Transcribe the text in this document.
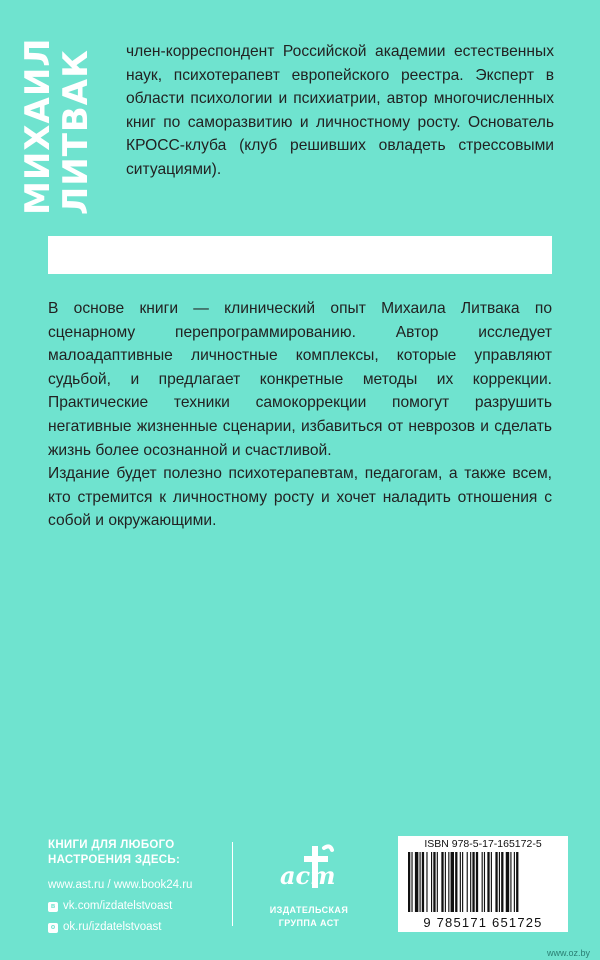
МИХАИЛ
ЛИТВАК член-корреспондент Российской академии естественных наук, психотерапевт европейского реестра. Эксперт в области психологии и психиатрии, автор многочисленных книг по саморазвитию и личностному росту. Основатель КРОСС-клуба (клуб решивших овладеть стрессовыми ситуациями).

В основе книги — клинический опыт Михаила Литвака по сценарному перепрограммированию. Автор исследует малоадаптивные личностные комплексы, которые управляют судьбой, и предлагает конкретные методы их коррекции. Практические техники самокоррекции помогут разрушить негативные жизненные сценарии, избавиться от неврозов и сделать жизнь более осознанной и счастливой.

Издание будет полезно психотерапевтам, педагогам, а также всем, кто стремится к личностному росту и хочет наладить отношения с собой и окружающими.

КНИГИ ДЛЯ ЛЮБОГО
НАСТРОЕНИЯ ЗДЕСЬ:
www.ast.ru / www.book24.ru
в vk.com/izdatelstvoast
о ok.ru/izdatelstvoast
аст
ИЗДАТЕЛЬСКАЯ
ГРУППА АСТ
ISBN 978-5-17-165172-5
9 785171 651725
www.oz.by
